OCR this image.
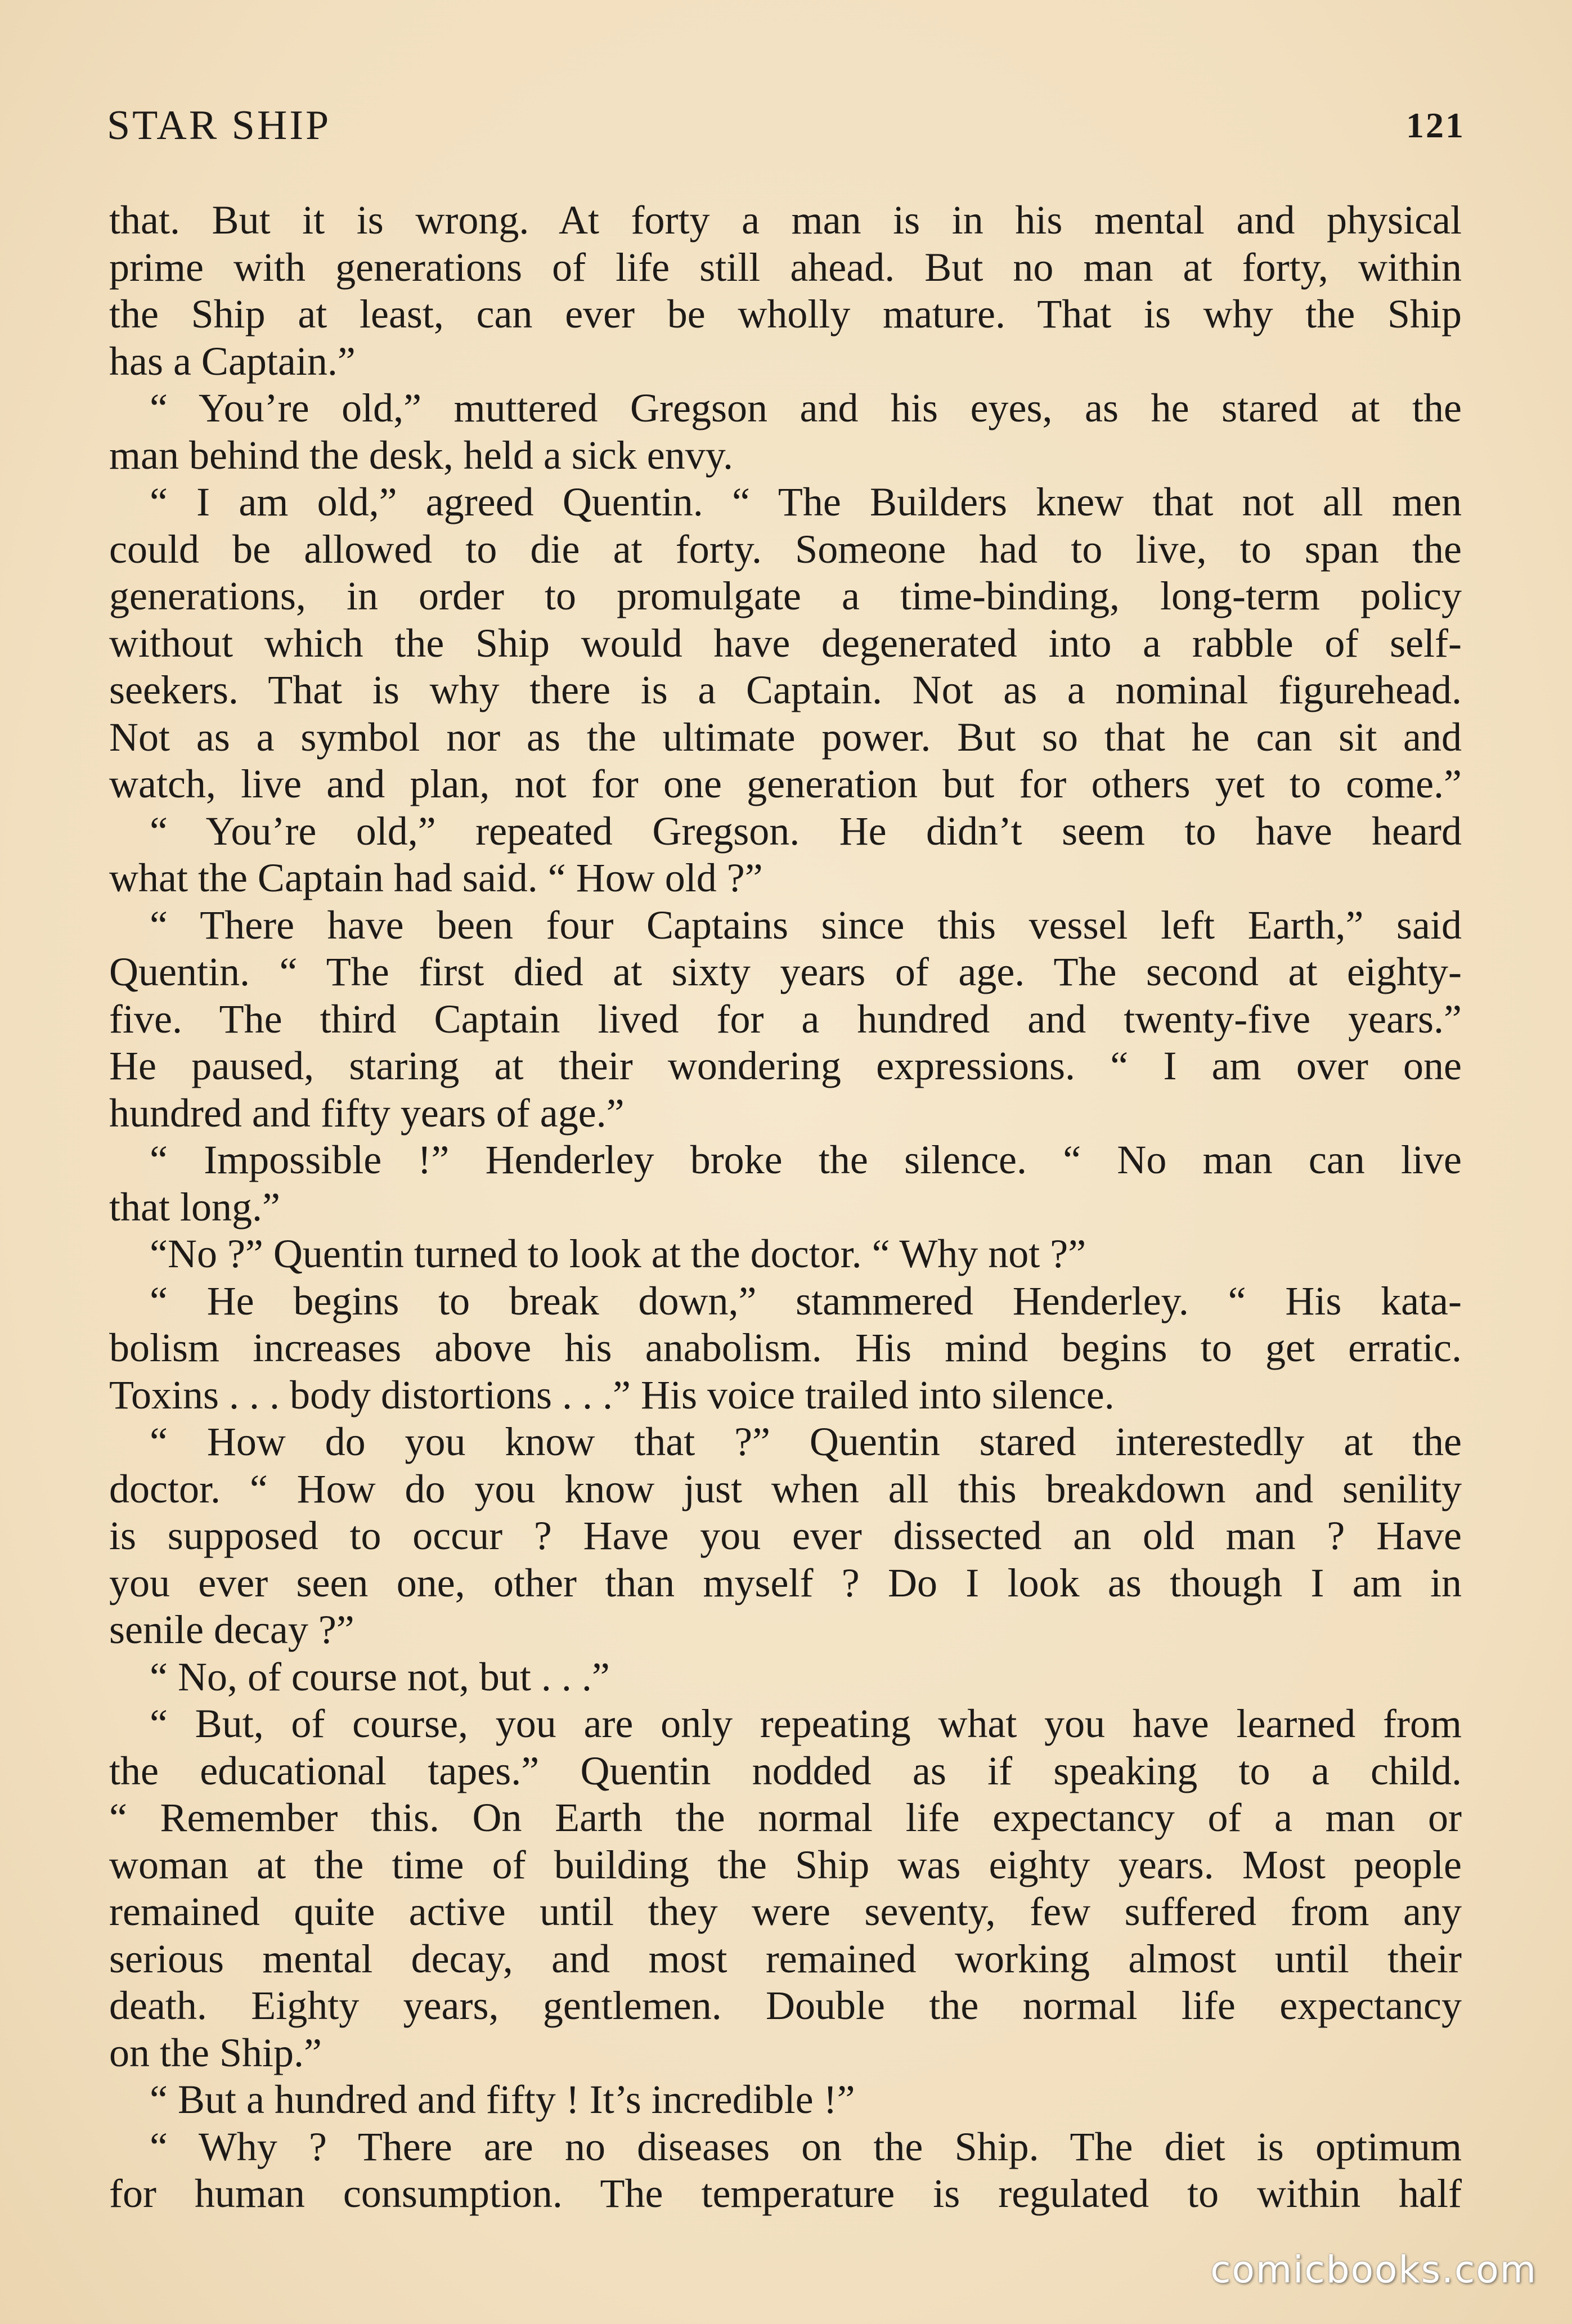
STAR SHIP	121
that. But it is wrong. At forty a man is in his mental and physical
prime with generations of life still ahead. But no man at forty, within
the Ship at least, can ever be wholly mature. That is why the Ship
has a Captain.”
“ You’re old,” muttered Gregson and his eyes, as he stared at the
man behind the desk, held a sick envy.
“ I am old,” agreed Quentin. “ The Builders knew that not all men
could be allowed to die at forty. Someone had to live, to span the
generations, in order to promulgate a time-binding, long-term policy
without which the Ship would have degenerated into a rabble of self-
seekers. That is why there is a Captain. Not as a nominal figurehead.
Not as a symbol nor as the ultimate power. But so that he can sit and
watch, live and plan, not for one generation but for others yet to come.”
“ You’re old,” repeated Gregson. He didn’t seem to have heard
what the Captain had said. “ How old ?”
“ There have been four Captains since this vessel left Earth,” said
Quentin. “ The first died at sixty years of age. The second at eighty-
five. The third Captain lived for a hundred and twenty-five years.”
He paused, staring at their wondering expressions. “ I am over one
hundred and fifty years of age.”
“ Impossible !” Henderley broke the silence. “ No man can live
that long.”
“No ?” Quentin turned to look at the doctor. “ Why not ?”
“ He begins to break down,” stammered Henderley. “ His kata-
bolism increases above his anabolism. His mind begins to get erratic.
Toxins . . . body distortions . . .” His voice trailed into silence.
“ How do you know that ?” Quentin stared interestedly at the
doctor. “ How do you know just when all this breakdown and senility
is supposed to occur ? Have you ever dissected an old man ? Have
you ever seen one, other than myself ? Do I look as though I am in
senile decay ?”
“ No, of course not, but . . .”
“ But, of course, you are only repeating what you have learned from
the educational tapes.” Quentin nodded as if speaking to a child.
“ Remember this. On Earth the normal life expectancy of a man or
woman at the time of building the Ship was eighty years. Most people
remained quite active until they were seventy, few suffered from any
serious mental decay, and most remained working almost until their
death. Eighty years, gentlemen. Double the normal life expectancy
on the Ship.”
“ But a hundred and fifty ! It’s incredible !”
“ Why ? There are no diseases on the Ship. The diet is optimum
for human consumption. The temperature is regulated to within half
comicbooks.com
